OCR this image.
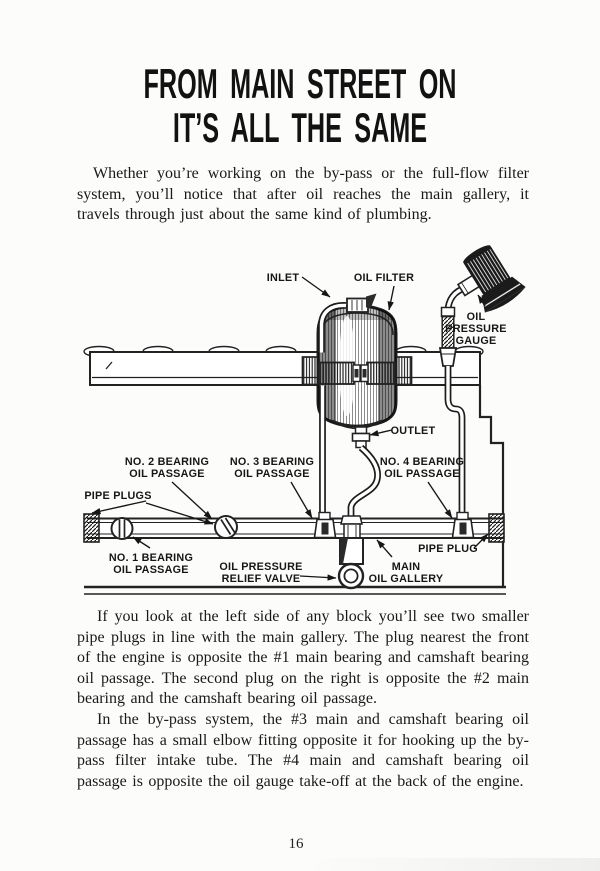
FROM MAIN STREET ON
IT’S ALL THE SAME
Whether you’re working on the by-pass or the full-flow filter system, you’ll notice that after oil reaches the main gallery, it travels through just about the same kind of plumbing.
INLET	OIL FILTER
OIL
PRESSURE
GAUGE
OUTLET
NO. 2 BEARING
OIL PASSAGE
NO. 3 BEARING
OIL PASSAGE
NO. 4 BEARING
OIL PASSAGE
PIPE PLUGS
NO. 1 BEARING
OIL PASSAGE	OIL PRESSURE
RELIEF VALVE
MAIN
OIL GALLERY
PIPE PLUG

If you look at the left side of any block you’ll see two smaller pipe plugs in line with the main gallery. The plug nearest the front of the engine is opposite the #1 main bearing and camshaft bearing oil passage. The second plug on the right is opposite the #2 main bearing and the camshaft bearing oil passage.

In the by-pass system, the #3 main and camshaft bearing oil passage has a small elbow fitting opposite it for hooking up the by-pass filter intake tube. The #4 main and camshaft bearing oil passage is opposite the oil gauge take-off at the back of the engine.

16
